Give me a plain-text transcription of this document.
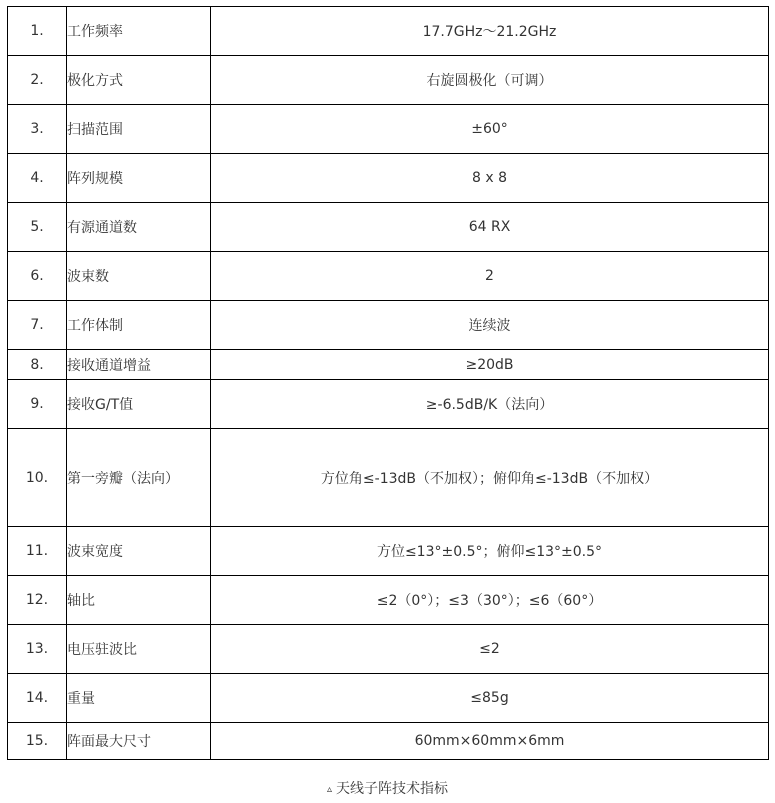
1.	工作频率	17.7GHz～21.2GHz
2.	极化方式	右旋圆极化（可调）
3.	扫描范围	±60°
4.	阵列规模	8 x 8
5.	有源通道数	64 RX
6.	波束数	2
7.	工作体制	连续波
8.	接收通道增益	≥20dB
9.	接收G/T值	≥-6.5dB/K（法向）
10.	第一旁瓣（法向）	方位角≤-13dB（不加权）；俯仰角≤-13dB（不加权）
11.	波束宽度	方位≤13°±0.5°；俯仰≤13°±0.5°
12.	轴比	≤2（0°）；≤3（30°）；≤6（60°）
13.	电压驻波比	≤2
14.	重量	≤85g
15.	阵面最大尺寸	60mm×60mm×6mm
▵ 天线子阵技术指标
